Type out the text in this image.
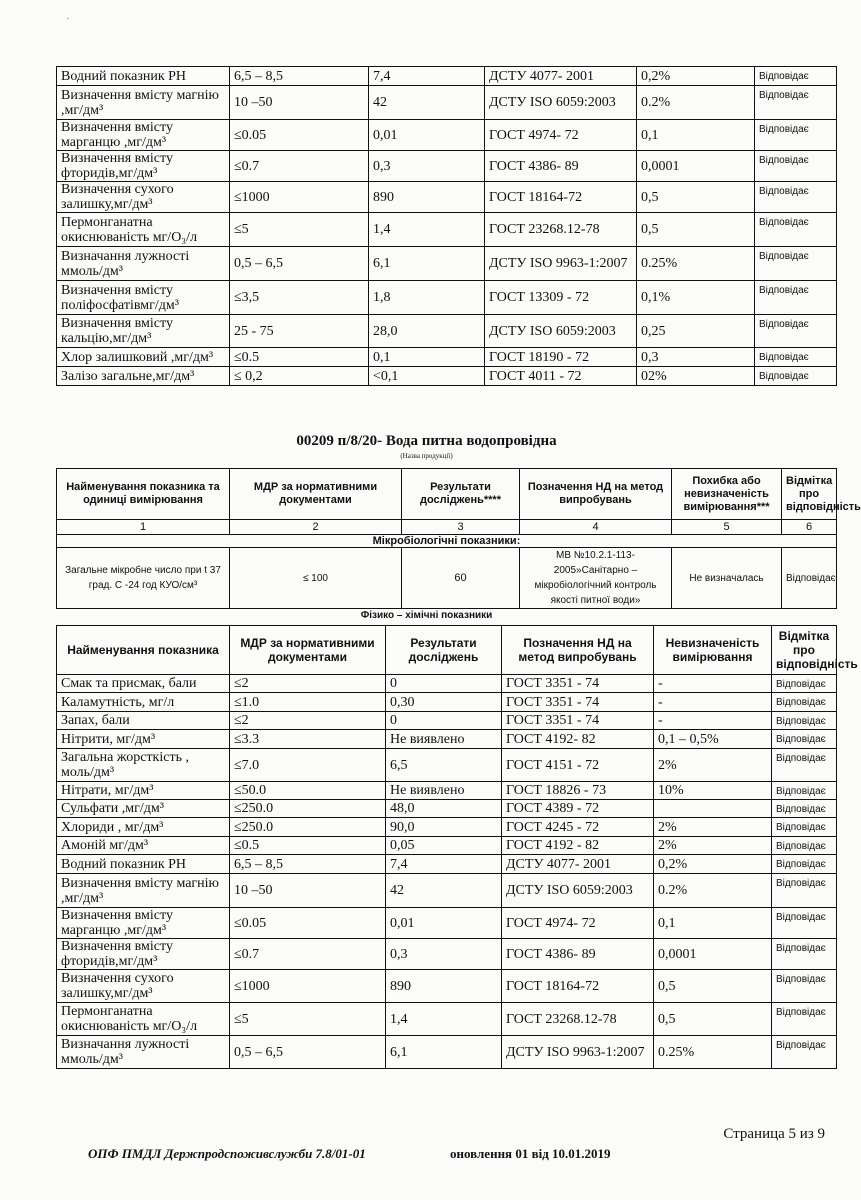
·
Водний показник РН	6,5 – 8,5	7,4	ДСТУ 4077- 2001	0,2%	Відповідає
Визначення вмісту магнію ,мг/дм³	10 –50	42	ДСТУ ISO 6059:2003	0.2%	Відповідає
Визначення вмісту марганцю ,мг/дм³	≤0.05	0,01	ГОСТ 4974- 72	0,1	Відповідає
Визначення вмісту фторидів,мг/дм³	≤0.7	0,3	ГОСТ 4386- 89	0,0001	Відповідає
Визначення сухого залишку,мг/дм³	≤1000	890	ГОСТ 18164-72	0,5	Відповідає
Пермонганатна окиснюваність мг/О₃/л	≤5	1,4	ГОСТ 23268.12-78	0,5	Відповідає
Визначання лужності ммоль/дм³	0,5 – 6,5	6,1	ДСТУ ISO 9963-1:2007	0.25%	Відповідає
Визначення вмісту поліфосфатівмг/дм³	≤3,5	1,8	ГОСТ 13309 - 72	0,1%	Відповідає
Визначення вмісту кальцію,мг/дм³	25 - 75	28,0	ДСТУ ISO 6059:2003	0,25	Відповідає
Хлор залишковий ,мг/дм³	≤0.5	0,1	ГОСТ 18190 - 72	0,3	Відповідає
Залізо загальне,мг/дм³	≤ 0,2	<0,1	ГОСТ 4011 - 72	02%	Відповідає
00209 п/8/20- Вода питна водопровідна
(Назва продукції)
Найменування показника та одиниці вимірювання	МДР за нормативними документами	Результати досліджень****	Позначення НД на метод випробувань	Похибка або невизначеність вимірювання***	Відмітка про відповідність
1	2	3	4	5	6
Мікробіологічні показники:					
Загальне мікробне число при t 37 град. С -24 год КУО/см³	≤ 100	60	МВ №10.2.1-113-2005»Санітарно – мікробіологічний контроль якості питної води»	Не визначалась	Відповідає
Фізико – хімічні показники
Найменування показника	МДР за нормативними документами	Результати досліджень	Позначення НД на метод випробувань	Невизначеність вимірювання	Відмітка про відповідність
Смак та присмак, бали	≤2	0	ГОСТ 3351 - 74	-	Відповідає
Каламутність, мг/л	≤1.0	0,30	ГОСТ 3351 - 74	-	Відповідає
Запах, бали	≤2	0	ГОСТ 3351 - 74	-	Відповідає
Нітрити, мг/дм³	≤3.3	Не виявлено	ГОСТ 4192- 82	0,1 – 0,5%	Відповідає
Загальна жорсткість , моль/дм³	≤7.0	6,5	ГОСТ 4151 - 72	2%	Відповідає
Нітрати, мг/дм³	≤50.0	Не виявлено	ГОСТ 18826 - 73	10%	Відповідає
Сульфати ,мг/дм³	≤250.0	48,0	ГОСТ 4389 - 72		Відповідає
Хлориди , мг/дм³	≤250.0	90,0	ГОСТ 4245 - 72	2%	Відповідає
Амоній мг/дм³	≤0.5	0,05	ГОСТ 4192 - 82	2%	Відповідає
Водний показник РН	6,5 – 8,5	7,4	ДСТУ 4077- 2001	0,2%	Відповідає
Визначення вмісту магнію ,мг/дм³	10 –50	42	ДСТУ ISO 6059:2003	0.2%	Відповідає
Визначення вмісту марганцю ,мг/дм³	≤0.05	0,01	ГОСТ 4974- 72	0,1	Відповідає
Визначення вмісту фторидів,мг/дм³	≤0.7	0,3	ГОСТ 4386- 89	0,0001	Відповідає
Визначення сухого залишку,мг/дм³	≤1000	890	ГОСТ 18164-72	0,5	Відповідає
Пермонганатна окиснюваність мг/О₃/л	≤5	1,4	ГОСТ 23268.12-78	0,5	Відповідає
Визначання лужності ммоль/дм³	0,5 – 6,5	6,1	ДСТУ ISO 9963-1:2007	0.25%	Відповідає
Страница 5 из 9
ОПФ ПМДЛ Держпродспоживслужби 7.8/01-01	оновлення 01 від 10.01.2019
